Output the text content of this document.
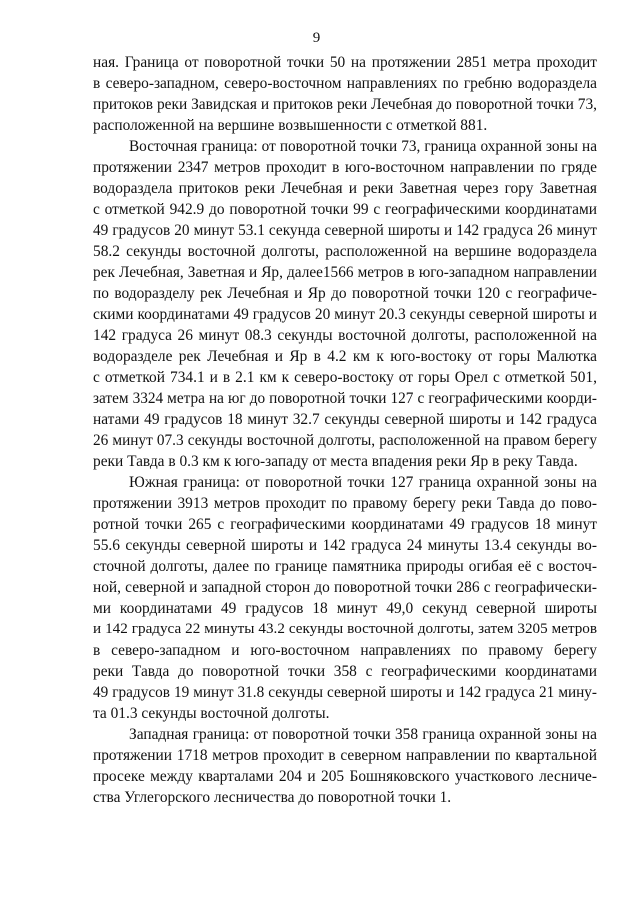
9

ная. Граница от поворотной точки 50 на протяжении 2851 метра проходит
в северо-западном, северо-восточном направлениях по гребню водораздела
притоков реки Завидская и притоков реки Лечебная до поворотной точки 73,
расположенной на вершине возвышенности с отметкой 881.

Восточная граница: от поворотной точки 73, граница охранной зоны на
протяжении 2347 метров проходит в юго-восточном направлении по гряде
водораздела притоков реки Лечебная и реки Заветная через гору Заветная
с отметкой 942.9 до поворотной точки 99 с географическими координатами
49 градусов 20 минут 53.1 секунда северной широты и 142 градуса 26 минут
58.2 секунды восточной долготы, расположенной на вершине водораздела
рек Лечебная, Заветная и Яр, далее1566 метров в юго-западном направлении
по водоразделу рек Лечебная и Яр до поворотной точки 120 с географиче-
скими координатами 49 градусов 20 минут 20.3 секунды северной широты и
142 градуса 26 минут 08.3 секунды восточной долготы, расположенной на
водоразделе рек Лечебная и Яр в 4.2 км к юго-востоку от горы Малютка
с отметкой 734.1 и в 2.1 км к северо-востоку от горы Орел с отметкой 501,
затем 3324 метра на юг до поворотной точки 127 с географическими коорди-
натами 49 градусов 18 минут 32.7 секунды северной широты и 142 градуса
26 минут 07.3 секунды восточной долготы, расположенной на правом берегу
реки Тавда в 0.3 км к юго-западу от места впадения реки Яр в реку Тавда.

Южная граница: от поворотной точки 127 граница охранной зоны на
протяжении 3913 метров проходит по правому берегу реки Тавда до пово-
ротной точки 265 с географическими координатами 49 градусов 18 минут
55.6 секунды северной широты и 142 градуса 24 минуты 13.4 секунды во-
сточной долготы, далее по границе памятника природы огибая её с восточ-
ной, северной и западной сторон до поворотной точки 286 с географически-
ми координатами 49 градусов 18 минут 49,0 секунд северной широты
и 142 градуса 22 минуты 43.2 секунды восточной долготы, затем 3205 метров
в северо-западном и юго-восточном направлениях по правому берегу
реки Тавда до поворотной точки 358 с географическими координатами
49 градусов 19 минут 31.8 секунды северной широты и 142 градуса 21 мину-
та 01.3 секунды восточной долготы.

Западная граница: от поворотной точки 358 граница охранной зоны на
протяжении 1718 метров проходит в северном направлении по квартальной
просеке между кварталами 204 и 205 Бошняковского участкового лесниче-
ства Углегорского лесничества до поворотной точки 1.
